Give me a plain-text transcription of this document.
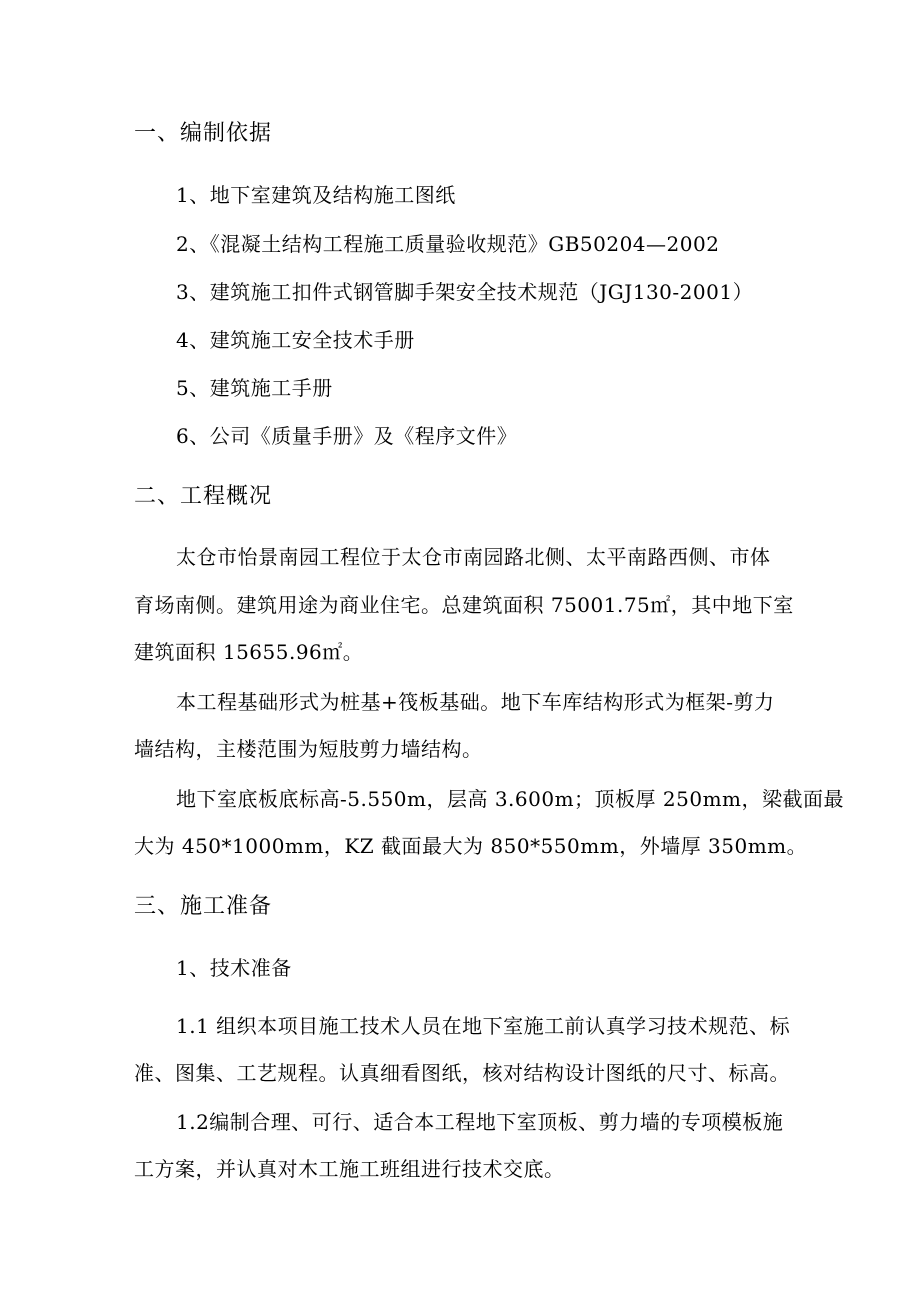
一、编制依据
1、地下室建筑及结构施工图纸
2、《混凝土结构工程施工质量验收规范》GB50204—2002
3、建筑施工扣件式钢管脚手架安全技术规范（JGJ130-2001）
4、建筑施工安全技术手册
5、建筑施工手册
6、公司《质量手册》及《程序文件》
二、工程概况
太仓市怡景南园工程位于太仓市南园路北侧、太平南路西侧、市体
育场南侧。建筑用途为商业住宅。总建筑面积 75001.75㎡，其中地下室
建筑面积 15655.96㎡。
本工程基础形式为桩基+筏板基础。地下车库结构形式为框架-剪力
墙结构，主楼范围为短肢剪力墙结构。
地下室底板底标高-5.550m，层高 3.600m；顶板厚 250mm，梁截面最
大为 450*1000mm，KZ 截面最大为 850*550mm，外墙厚 350mm。
三、施工准备
1、技术准备
1.1 组织本项目施工技术人员在地下室施工前认真学习技术规范、标
准、图集、工艺规程。认真细看图纸，核对结构设计图纸的尺寸、标高。
1.2编制合理、可行、适合本工程地下室顶板、剪力墙的专项模板施
工方案，并认真对木工施工班组进行技术交底。
